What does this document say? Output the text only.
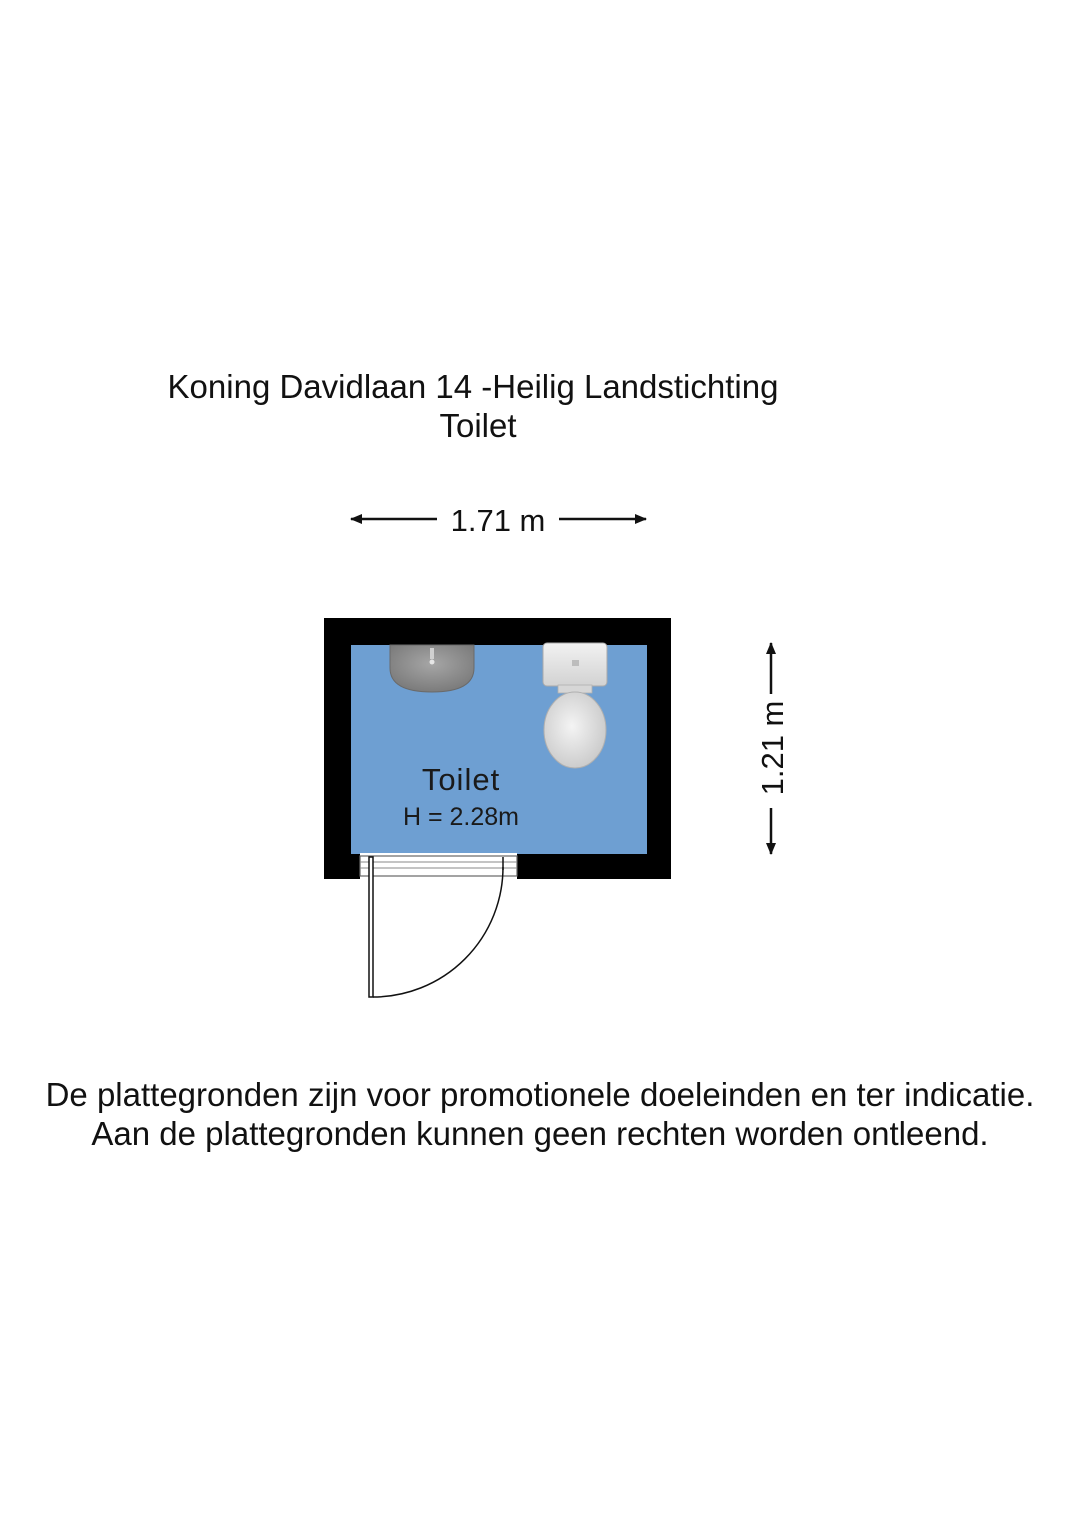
Koning Davidlaan 14 -Heilig Landstichting
Toilet
1.71 m
1.21 m
Toilet
H = 2.28m
De plattegronden zijn voor promotionele doeleinden en ter indicatie.
Aan de plattegronden kunnen geen rechten worden ontleend.
